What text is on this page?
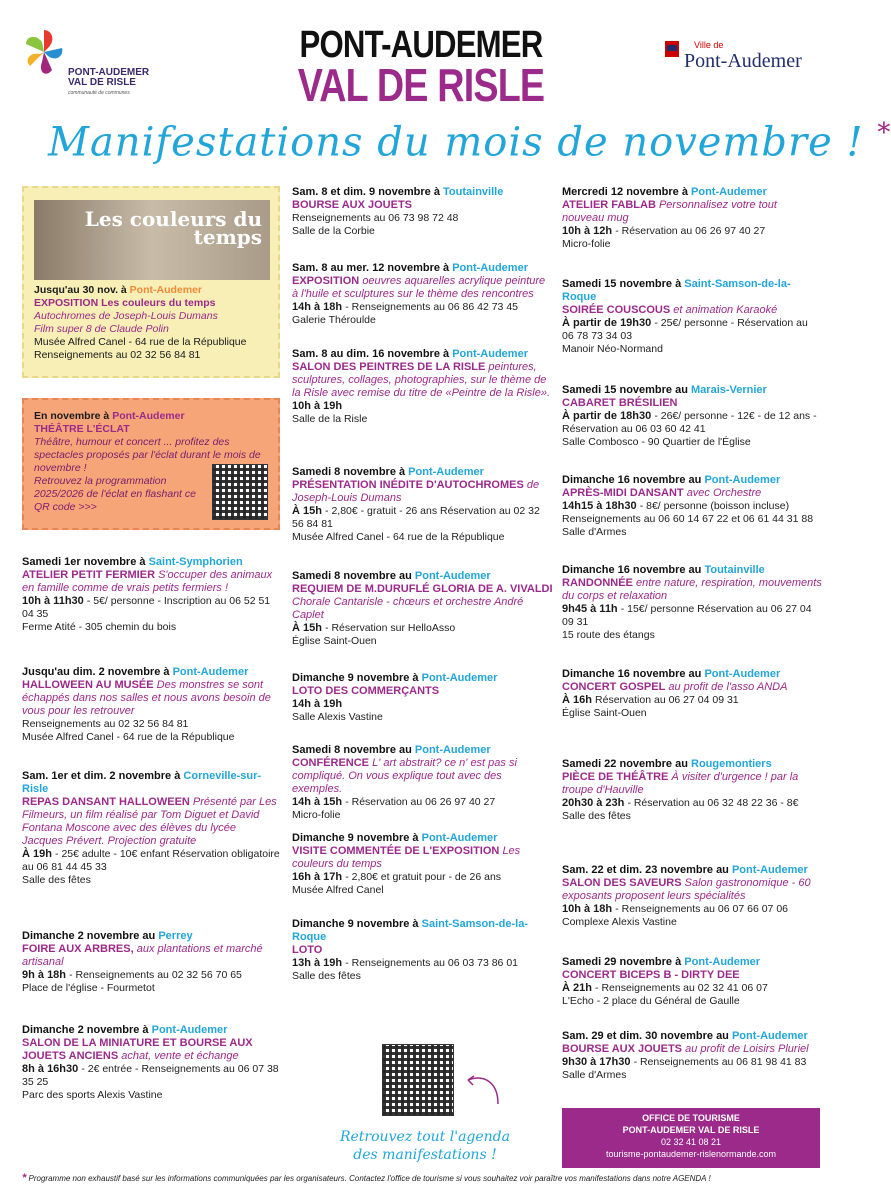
PONT-AUDEMER VAL DE RISLE
communauté de communes
PONT-AUDEMER
VAL DE RISLE
Ville de
Pont-Audemer
Manifestations du mois de novembre ! *
Les couleurs du temps
Jusqu'au 30 nov. à Pont-Audemer
EXPOSITION Les couleurs du temps
Autochromes de Joseph-Louis Dumans
Film super 8 de Claude Polin
Musée Alfred Canel - 64 rue de la République
Renseignements au 02 32 56 84 81
En novembre à Pont-Audemer
THÉÂTRE L'ÉCLAT
Théâtre, humour et concert ... profitez des spectacles proposés par l'éclat durant le mois de novembre !
Retrouvez la programmation 2025/2026 de l'éclat en flashant ce QR code >>>
Samedi 1er novembre à Saint-Symphorien
ATELIER PETIT FERMIER S'occuper des animaux en famille comme de vrais petits fermiers !
10h à 11h30 - 5€/ personne - Inscription au 06 52 51 04 35
Ferme Atité - 305 chemin du bois
Jusqu'au dim. 2 novembre à Pont-Audemer
HALLOWEEN AU MUSÉE Des monstres se sont échappés dans nos salles et nous avons besoin de vous pour les retrouver
Renseignements au 02 32 56 84 81
Musée Alfred Canel - 64 rue de la République
Sam. 1er et dim. 2 novembre à Corneville-sur-Risle
REPAS DANSANT HALLOWEEN Présenté par Les Filmeurs, un film réalisé par Tom Diguet et David Fontana Moscone avec des élèves du lycée Jacques Prévert. Projection gratuite
À 19h - 25€ adulte - 10€ enfant Réservation obligatoire au 06 81 44 45 33
Salle des fêtes
Dimanche 2 novembre au Perrey
FOIRE AUX ARBRES, aux plantations et marché artisanal
9h à 18h - Renseignements au 02 32 56 70 65
Place de l'église - Fourmetot
Dimanche 2 novembre à Pont-Audemer
SALON DE LA MINIATURE ET BOURSE AUX JOUETS ANCIENS achat, vente et échange
8h à 16h30 - 2€ entrée - Renseignements au 06 07 38 35 25
Parc des sports Alexis Vastine
Sam. 8 et dim. 9 novembre à Toutainville
BOURSE AUX JOUETS
Renseignements au 06 73 98 72 48
Salle de la Corbie
Sam. 8 au mer. 12 novembre à Pont-Audemer
EXPOSITION oeuvres aquarelles acrylique peinture à l'huile et sculptures sur le thème des rencontres
14h à 18h - Renseignements au 06 86 42 73 45
Galerie Théroulde
Sam. 8 au dim. 16 novembre à Pont-Audemer
SALON DES PEINTRES DE LA RISLE peintures, sculptures, collages, photographies, sur le thème de la Risle avec remise du titre de «Peintre de la Risle».
10h à 19h
Salle de la Risle
Samedi 8 novembre à Pont-Audemer
PRÉSENTATION INÉDITE D'AUTOCHROMES de Joseph-Louis Dumans
À 15h - 2,80€ - gratuit - 26 ans Réservation au 02 32 56 84 81
Musée Alfred Canel - 64 rue de la République
Samedi 8 novembre au Pont-Audemer
REQUIEM DE M.DURUFLÉ GLORIA DE A. VIVALDI Chorale Cantarisle - chœurs et orchestre André Caplet
À 15h - Réservation sur HelloAsso
Église Saint-Ouen
Dimanche 9 novembre à Pont-Audemer
LOTO DES COMMERÇANTS
14h à 19h
Salle Alexis Vastine
Samedi 8 novembre au Pont-Audemer
CONFÉRENCE L' art abstrait? ce n' est pas si compliqué. On vous explique tout avec des exemples.
14h à 15h - Réservation au 06 26 97 40 27
Micro-folie
Dimanche 9 novembre à Pont-Audemer
VISITE COMMENTÉE DE L'EXPOSITION Les couleurs du temps
16h à 17h - 2,80€ et gratuit pour - de 26 ans
Musée Alfred Canel
Dimanche 9 novembre à Saint-Samson-de-la-Roque
LOTO
13h à 19h - Renseignements au 06 03 73 86 01
Salle des fêtes
Mercredi 12 novembre à Pont-Audemer
ATELIER FABLAB Personnalisez votre tout nouveau mug
10h à 12h - Réservation au 06 26 97 40 27
Micro-folie
Samedi 15 novembre à Saint-Samson-de-la-Roque
SOIRÉE COUSCOUS et animation Karaoké
À partir de 19h30 - 25€/ personne - Réservation au 06 78 73 34 03
Manoir Néo-Normand
Samedi 15 novembre au Marais-Vernier
CABARET BRÉSILIEN
À partir de 18h30 - 26€/ personne - 12€ - de 12 ans - Réservation au 06 03 60 42 41
Salle Combosco - 90 Quartier de l'Église
Dimanche 16 novembre au Pont-Audemer
APRÈS-MIDI DANSANT avec Orchestre
14h15 à 18h30 - 8€/ personne (boisson incluse) Renseignements au 06 60 14 67 22 et 06 61 44 31 88
Salle d'Armes
Dimanche 16 novembre au Toutainville
RANDONNÉE entre nature, respiration, mouvements du corps et relaxation
9h45 à 11h - 15€/ personne Réservation au 06 27 04 09 31
15 route des étangs
Dimanche 16 novembre au Pont-Audemer
CONCERT GOSPEL au profit de l'asso ANDA
À 16h Réservation au 06 27 04 09 31
Église Saint-Ouen
Samedi 22 novembre au Rougemontiers
PIÈCE DE THÉÂTRE À visiter d'urgence ! par la troupe d'Hauville
20h30 à 23h - Réservation au 06 32 48 22 36 - 8€
Salle des fêtes
Sam. 22 et dim. 23 novembre au Pont-Audemer
SALON DES SAVEURS Salon gastronomique - 60 exposants proposent leurs spécialités
10h à 18h - Renseignements au 06 07 66 07 06
Complexe Alexis Vastine
Samedi 29 novembre à Pont-Audemer
CONCERT BICEPS B - DIRTY DEE
À 21h - Renseignements au 02 32 41 06 07
L'Echo - 2 place du Général de Gaulle
Sam. 29 et dim. 30 novembre au Pont-Audemer
BOURSE AUX JOUETS au profit de Loisirs Pluriel
9h30 à 17h30 - Renseignements au 06 81 98 41 83
Salle d'Armes
Retrouvez tout l'agenda des manifestations !
OFFICE DE TOURISME
PONT-AUDEMER VAL DE RISLE
02 32 41 08 21
tourisme-pontaudemer-rislenormande.com
* Programme non exhaustif basé sur les informations communiquées par les organisateurs. Contactez l'office de tourisme si vous souhaitez voir paraître vos manifestations dans notre AGENDA !
